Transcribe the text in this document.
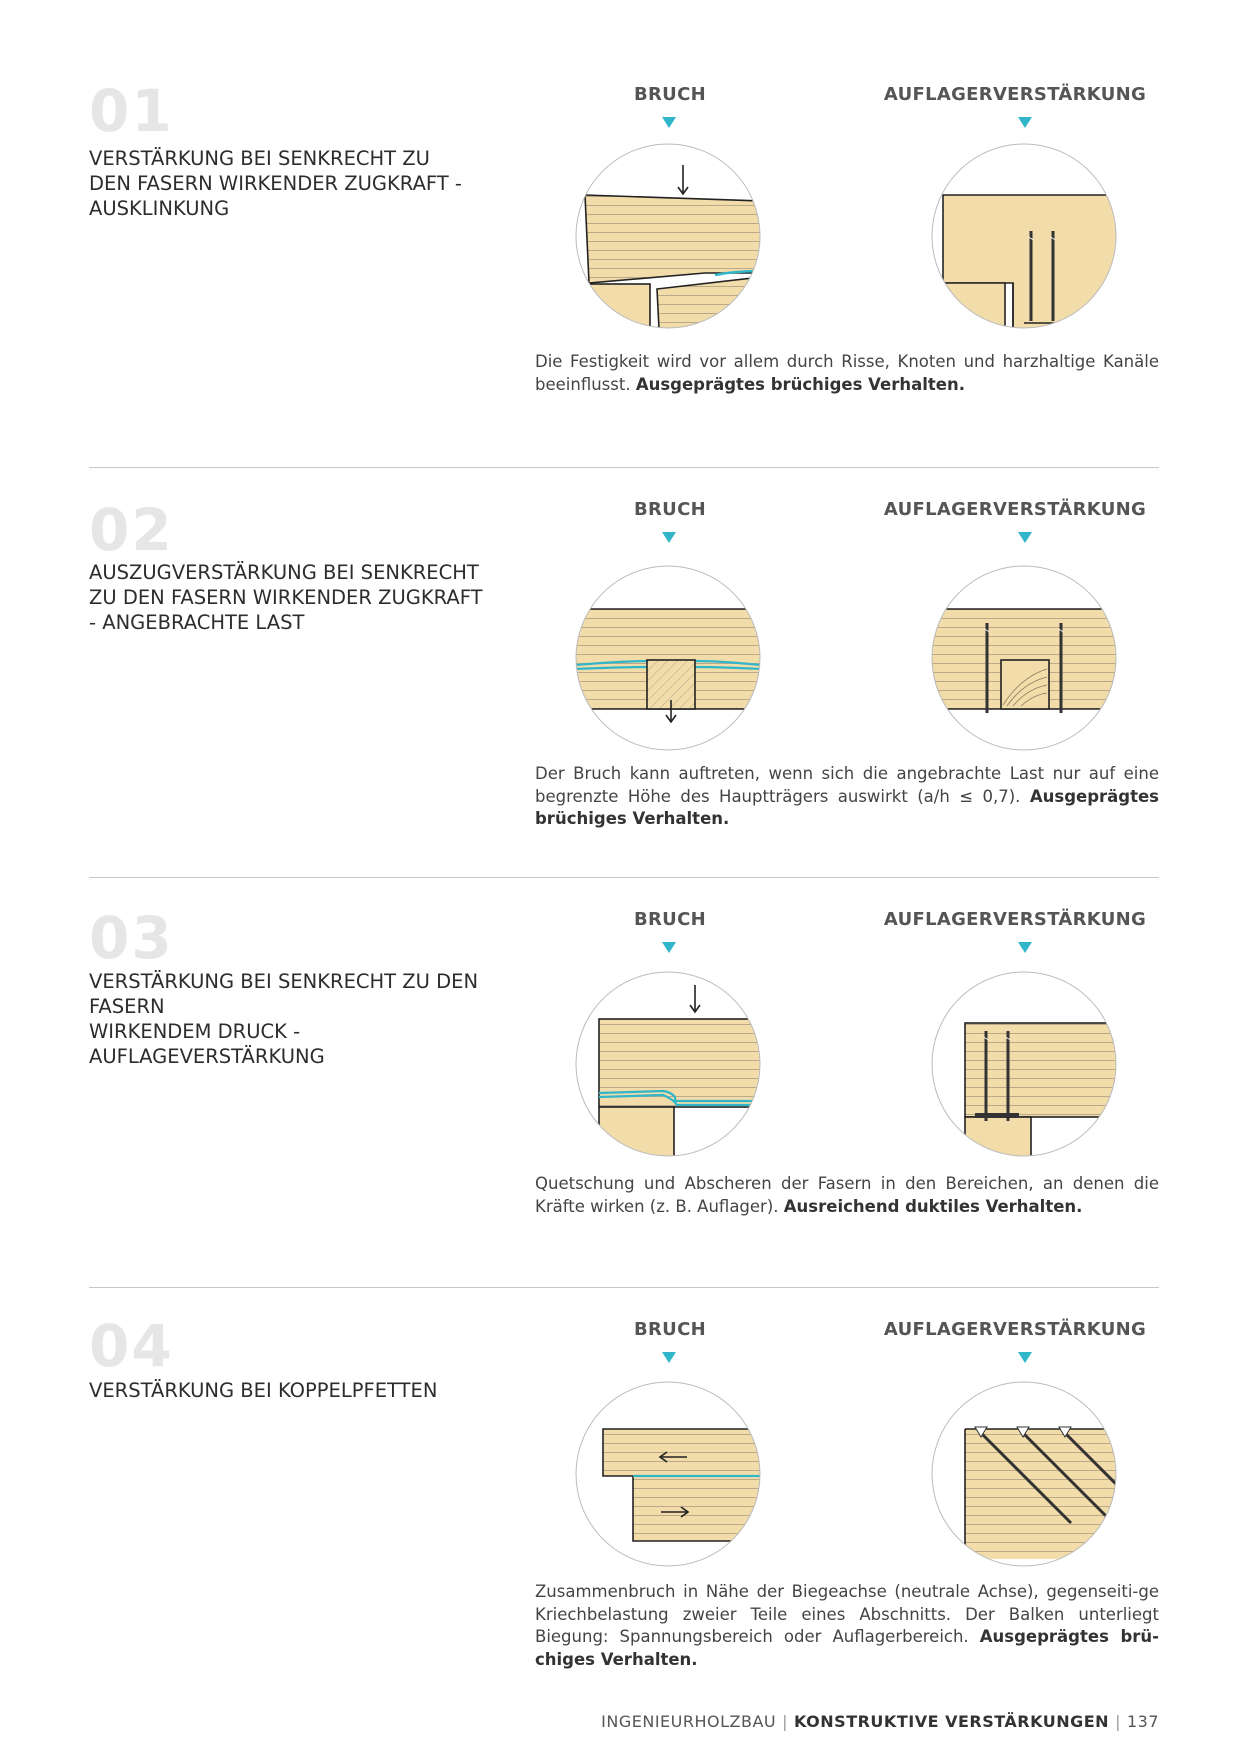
01
VERSTÄRKUNG BEI SENKRECHT ZU
DEN FASERN WIRKENDER ZUGKRAFT -
AUSKLINKUNG
BRUCH	AUFLAGERVERSTÄRKUNG
Die Festigkeit wird vor allem durch Risse, Knoten und harzhaltige Kanäle beeinflusst. Ausgeprägtes brüchiges Verhalten.
02
AUSZUGVERSTÄRKUNG BEI SENKRECHT
ZU DEN FASERN WIRKENDER ZUGKRAFT
- ANGEBRACHTE LAST
BRUCH	AUFLAGERVERSTÄRKUNG
Der Bruch kann auftreten, wenn sich die angebrachte Last nur auf eine begrenzte Höhe des Hauptträgers auswirkt (a/h ≤ 0,7). Ausgeprägtes brüchiges Verhalten.
03
VERSTÄRKUNG BEI SENKRECHT ZU DEN
FASERN
WIRKENDEM DRUCK -
AUFLAGEVERSTÄRKUNG
BRUCH	AUFLAGERVERSTÄRKUNG
Quetschung und Abscheren der Fasern in den Bereichen, an denen die Kräfte wirken (z. B. Auflager). Ausreichend duktiles Verhalten.
04
VERSTÄRKUNG BEI KOPPELPFETTEN
BRUCH	AUFLAGERVERSTÄRKUNG
Zusammenbruch in Nähe der Biegeachse (neutrale Achse), gegenseiti-ge Kriechbelastung zweier Teile eines Abschnitts. Der Balken unterliegt Biegung: Spannungsbereich oder Auflagerbereich. Ausgeprägtes brü-chiges Verhalten.
INGENIEURHOLZBAU | KONSTRUKTIVE VERSTÄRKUNGEN | 137
